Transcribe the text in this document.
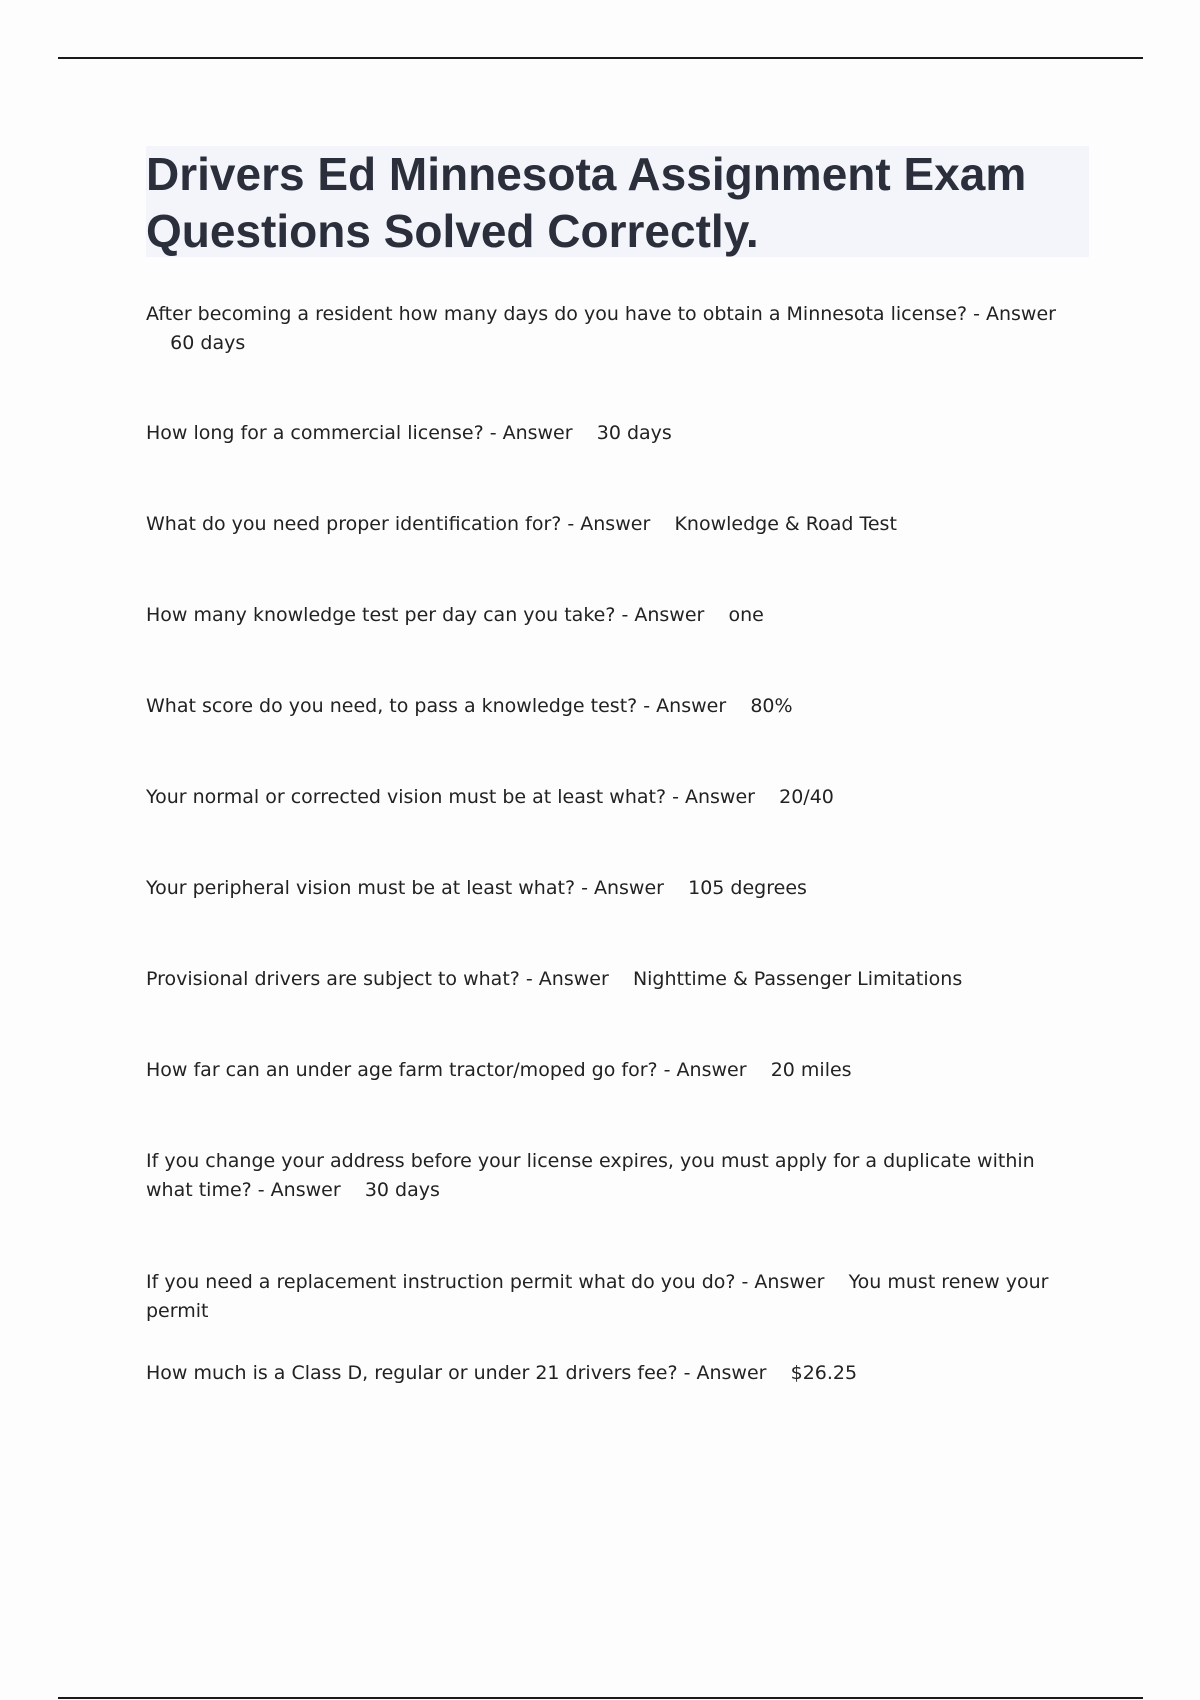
Drivers Ed Minnesota Assignment Exam Questions Solved Correctly.

After becoming a resident how many days do you have to obtain a Minnesota license? - Answer    60 days

How long for a commercial license? - Answer 30 days

What do you need proper identification for? - Answer Knowledge & Road Test

How many knowledge test per day can you take? - Answer one

What score do you need, to pass a knowledge test? - Answer 80%

Your normal or corrected vision must be at least what? - Answer 20/40

Your peripheral vision must be at least what? - Answer 105 degrees

Provisional drivers are subject to what? - Answer Nighttime & Passenger Limitations

How far can an under age farm tractor/moped go for? - Answer 20 miles

If you change your address before your license expires, you must apply for a duplicate within what time? - Answer 30 days

If you need a replacement instruction permit what do you do? - Answer You must renew your permit

How much is a Class D, regular or under 21 drivers fee? - Answer $26.25
